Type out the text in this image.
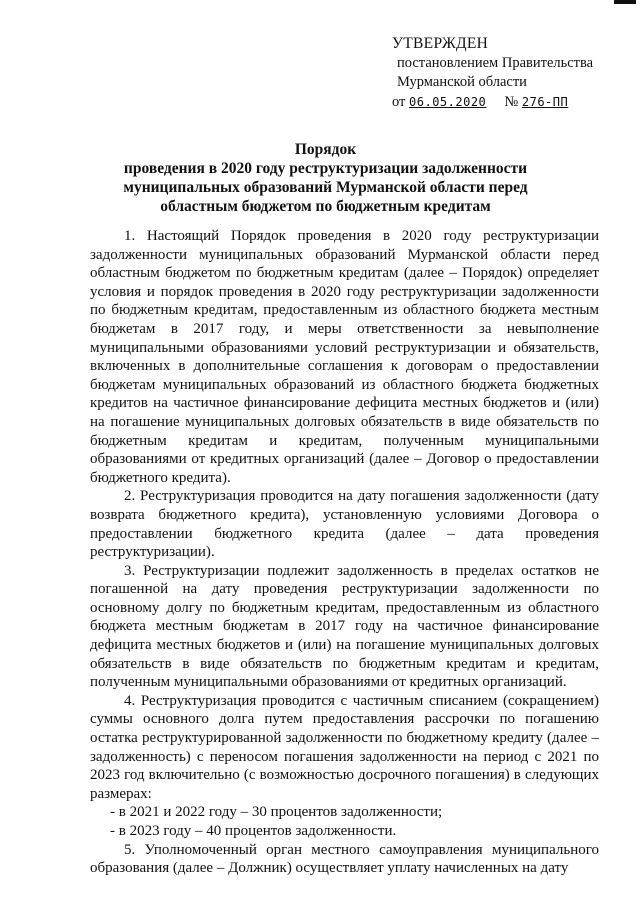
УТВЕРЖДЕН
постановлением Правительства
Мурманской области
от 06.05.2020 № 276-ПП
Порядок
проведения в 2020 году реструктуризации задолженности муниципальных образований Мурманской области перед областным бюджетом по бюджетным кредитам

1. Настоящий Порядок проведения в 2020 году реструктуризации задолженности муниципальных образований Мурманской области перед областным бюджетом по бюджетным кредитам (далее – Порядок) определяет условия и порядок проведения в 2020 году реструктуризации задолженности по бюджетным кредитам, предоставленным из областного бюджета местным бюджетам в 2017 году, и меры ответственности за невыполнение муниципальными образованиями условий реструктуризации и обязательств, включенных в дополнительные соглашения к договорам о предоставлении бюджетам муниципальных образований из областного бюджета бюджетных кредитов на частичное финансирование дефицита местных бюджетов и (или) на погашение муниципальных долговых обязательств в виде обязательств по бюджетным кредитам и кредитам, полученным муниципальными образованиями от кредитных организаций (далее – Договор о предоставлении бюджетного кредита).

2. Реструктуризация проводится на дату погашения задолженности (дату возврата бюджетного кредита), установленную условиями Договора о предоставлении бюджетного кредита (далее – дата проведения реструктуризации).

3. Реструктуризации подлежит задолженность в пределах остатков не погашенной на дату проведения реструктуризации задолженности по основному долгу по бюджетным кредитам, предоставленным из областного бюджета местным бюджетам в 2017 году на частичное финансирование дефицита местных бюджетов и (или) на погашение муниципальных долговых обязательств в виде обязательств по бюджетным кредитам и кредитам, полученным муниципальными образованиями от кредитных организаций.

4. Реструктуризация проводится с частичным списанием (сокращением) суммы основного долга путем предоставления рассрочки по погашению остатка реструктурированной задолженности по бюджетному кредиту (далее – задолженность) с переносом погашения задолженности на период с 2021 по 2023 год включительно (с возможностью досрочного погашения) в следующих размерах:

- в 2021 и 2022 году – 30 процентов задолженности;

- в 2023 году – 40 процентов задолженности.

5. Уполномоченный орган местного самоуправления муниципального образования (далее – Должник) осуществляет уплату начисленных на дату
